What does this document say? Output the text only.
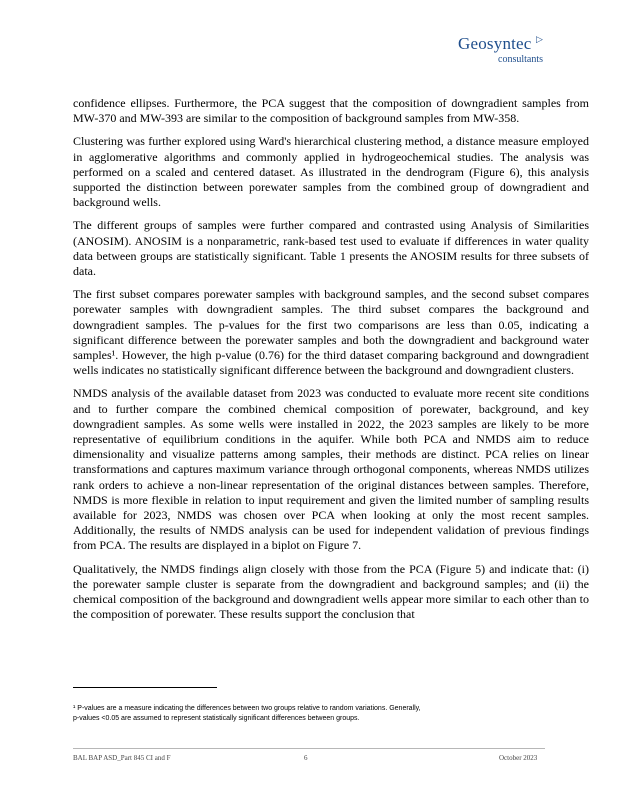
Geosyntec ▷
consultants

confidence ellipses. Furthermore, the PCA suggest that the composition of downgradient samples from MW-370 and MW-393 are similar to the composition of background samples from MW-358.

Clustering was further explored using Ward's hierarchical clustering method, a distance measure employed in agglomerative algorithms and commonly applied in hydrogeochemical studies. The analysis was performed on a scaled and centered dataset. As illustrated in the dendrogram (Figure 6), this analysis supported the distinction between porewater samples from the combined group of downgradient and background wells.

The different groups of samples were further compared and contrasted using Analysis of Similarities (ANOSIM). ANOSIM is a nonparametric, rank-based test used to evaluate if differences in water quality data between groups are statistically significant. Table 1 presents the ANOSIM results for three subsets of data.

The first subset compares porewater samples with background samples, and the second subset compares porewater samples with downgradient samples. The third subset compares the background and downgradient samples. The p-values for the first two comparisons are less than 0.05, indicating a significant difference between the porewater samples and both the downgradient and background water samples¹. However, the high p-value (0.76) for the third dataset comparing background and downgradient wells indicates no statistically significant difference between the background and downgradient clusters.

NMDS analysis of the available dataset from 2023 was conducted to evaluate more recent site conditions and to further compare the combined chemical composition of porewater, background, and key downgradient samples. As some wells were installed in 2022, the 2023 samples are likely to be more representative of equilibrium conditions in the aquifer. While both PCA and NMDS aim to reduce dimensionality and visualize patterns among samples, their methods are distinct. PCA relies on linear transformations and captures maximum variance through orthogonal components, whereas NMDS utilizes rank orders to achieve a non-linear representation of the original distances between samples. Therefore, NMDS is more flexible in relation to input requirement and given the limited number of sampling results available for 2023, NMDS was chosen over PCA when looking at only the most recent samples. Additionally, the results of NMDS analysis can be used for independent validation of previous findings from PCA. The results are displayed in a biplot on Figure 7.

Qualitatively, the NMDS findings align closely with those from the PCA (Figure 5) and indicate that: (i) the porewater sample cluster is separate from the downgradient and background samples; and (ii) the chemical composition of the background and downgradient wells appear more similar to each other than to the composition of porewater. These results support the conclusion that

¹ P-values are a measure indicating the differences between two groups relative to random variations. Generally,
p-values <0.05 are assumed to represent statistically significant differences between groups.
BAL BAP ASD_Part 845 CI and F	6	October 2023
